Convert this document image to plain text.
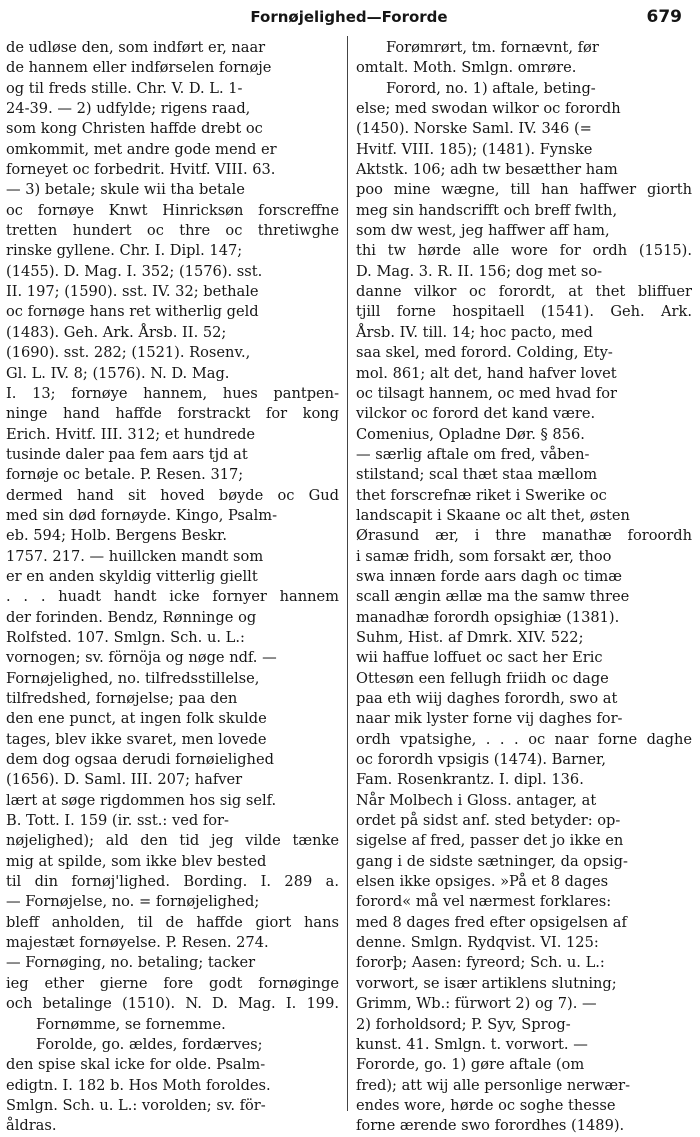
Fornøjelighed—Forordе	679
de udløse den, som indført er, naar
de hannem eller indførselen fornøje
og til freds stille. Chr. V. D. L. 1-
24-39. — 2) udfylde; rigens raad,
som kong Christen haffde drebt oc
omkommit, met andre gode mend er
forneyet oc forbedrit. Hvitf. VIII. 63.
— 3) betale; skule wii tha betale
oc fornøye Knwt Hinricksøn forscreffne
tretten hundert oc thre oc thretiwghe
rinske gyllene. Chr. I. Dipl. 147;
(1455). D. Mag. I. 352; (1576). sst.
II. 197; (1590). sst. IV. 32; bethale
oc fornøge hans ret witherlig geld
(1483). Geh. Ark. Årsb. II. 52;
(1690). sst. 282; (1521). Rosenv.,
Gl. L. IV. 8; (1576). N. D. Mag.
I. 13; fornøye hannem, hues pantpen-
ninge hand haffde forstrackt for kong
Erich. Hvitf. III. 312; et hundrede
tusinde daler paa fem aars tjd at
fornøje oc betale. P. Resen. 317;
dermed hand sit hoved bøyde oc Gud
med sin død fornøyde. Kingo, Psalm-
eb. 594; Holb. Bergens Beskr.
1757. 217. — huillcken mandt som
er en anden skyldig vitterlig giellt
. . . huadt handt icke fornyer hannem
der forinden. Bendz, Rønninge og
Rolfsted. 107. Smlgn. Sch. u. L.:
vornogen; sv. förnöja og nøge ndf. —
Fornøjelighed, no. tilfredsstillelse,
tilfredshed, fornøjelse; paa den
den ene punct, at ingen folk skulde
tages, blev ikke svaret, men lovede
dem dog ogsaa derudi fornøielighed
(1656). D. Saml. III. 207; hafver
lært at søge rigdommen hos sig self.
B. Tott. I. 159 (ir. sst.: ved for-
nøjelighed); ald den tid jeg vilde tænke
mig at spilde, som ikke blev bested
til din fornøj'lighed. Bording. I. 289 a.
— Fornøjelse, no. = fornøjelighed;
bleff anholden, til de haffde giort hans
majestæt fornøyelse. P. Resen. 274.
— Fornøging, no. betaling; tacker
ieg ether gierne fore godt fornøginge
och betalinge (1510). N. D. Mag. I. 199.
Fornømme, se fornemme.
Forolde, go. ældes, fordærves;
den spise skal icke for olde. Psalm-
edigtn. I. 182 b. Hos Moth foroldes.
Smlgn. Sch. u. L.: vorolden; sv. för-
åldras.
Forømrørt, tm. fornævnt, før
omtalt. Moth. Smlgn. omrøre.
Forord, no. 1) aftale, beting-
else; med swodan wilkor oc forordh
(1450). Norske Saml. IV. 346 (=
Hvitf. VIII. 185); (1481). Fynske
Aktstk. 106; adh tw besætther ham
poo mine wægne, till han haffwer giorth
meg sin handscrifft och breff fwlth,
som dw west, jeg haffwer aff ham,
thi tw hørde alle wore for ordh (1515).
D. Mag. 3. R. II. 156; dog met so-
danne vilkor oc forordt, at thet bliffuer
tjill forne hospitaell (1541). Geh. Ark.
Årsb. IV. till. 14; hoc pacto, med
saa skel, med forord. Colding, Ety-
mol. 861; alt det, hand hafver lovet
oc tilsagt hannem, oc med hvad for
vilckor oc forord det kand være.
Comenius, Opladne Dør. § 856.
— særlig aftale om fred, våben-
stilstand; scal thæt staa mællom
thet forscrefnæ riket i Swerike oc
landscapit i Skaane oc alt thet, østen
Ørasund ær, i thre manathæ foroordh
i samæ fridh, som forsakt ær, thoo
swa innæn forde aars dagh oc timæ
scall ængin ællæ ma the samw three
manadhæ forordh opsighiæ (1381).
Suhm, Hist. af Dmrk. XIV. 522;
wii haffue loffuet oc sact her Eric
Ottesøn een fellugh friidh oc dage
paa eth wiij daghes forordh, swo at
naar mik lyster forne vij daghes for-
ordh vpatsighe, . . . oc naar forne daghe
oc forordh vpsigis (1474). Barner,
Fam. Rosenkrantz. I. dipl. 136.
Når Molbech i Gloss. antager, at
ordet på sidst anf. sted betyder: op-
sigelse af fred, passer det jo ikke en
gang i de sidste sætninger, da opsig-
elsen ikke opsiges. »På et 8 dages
forord« må vel nærmest forklares:
med 8 dages fred efter opsigelsen af
denne. Smlgn. Rydqvist. VI. 125:
fororþ; Aasen: fyreord; Sch. u. L.:
vorwort, se især artiklens slutning;
Grimm, Wb.: fürwort 2) og 7). —
2) forholdsord; P. Syv, Sprog-
kunst. 41. Smlgn. t. vorwort. —
Forordе, go. 1) gøre aftale (om
fred); att wij alle personlige nerwær-
endes wore, hørde oc soghe thesse
forne ærende swo forordhes (1489).
